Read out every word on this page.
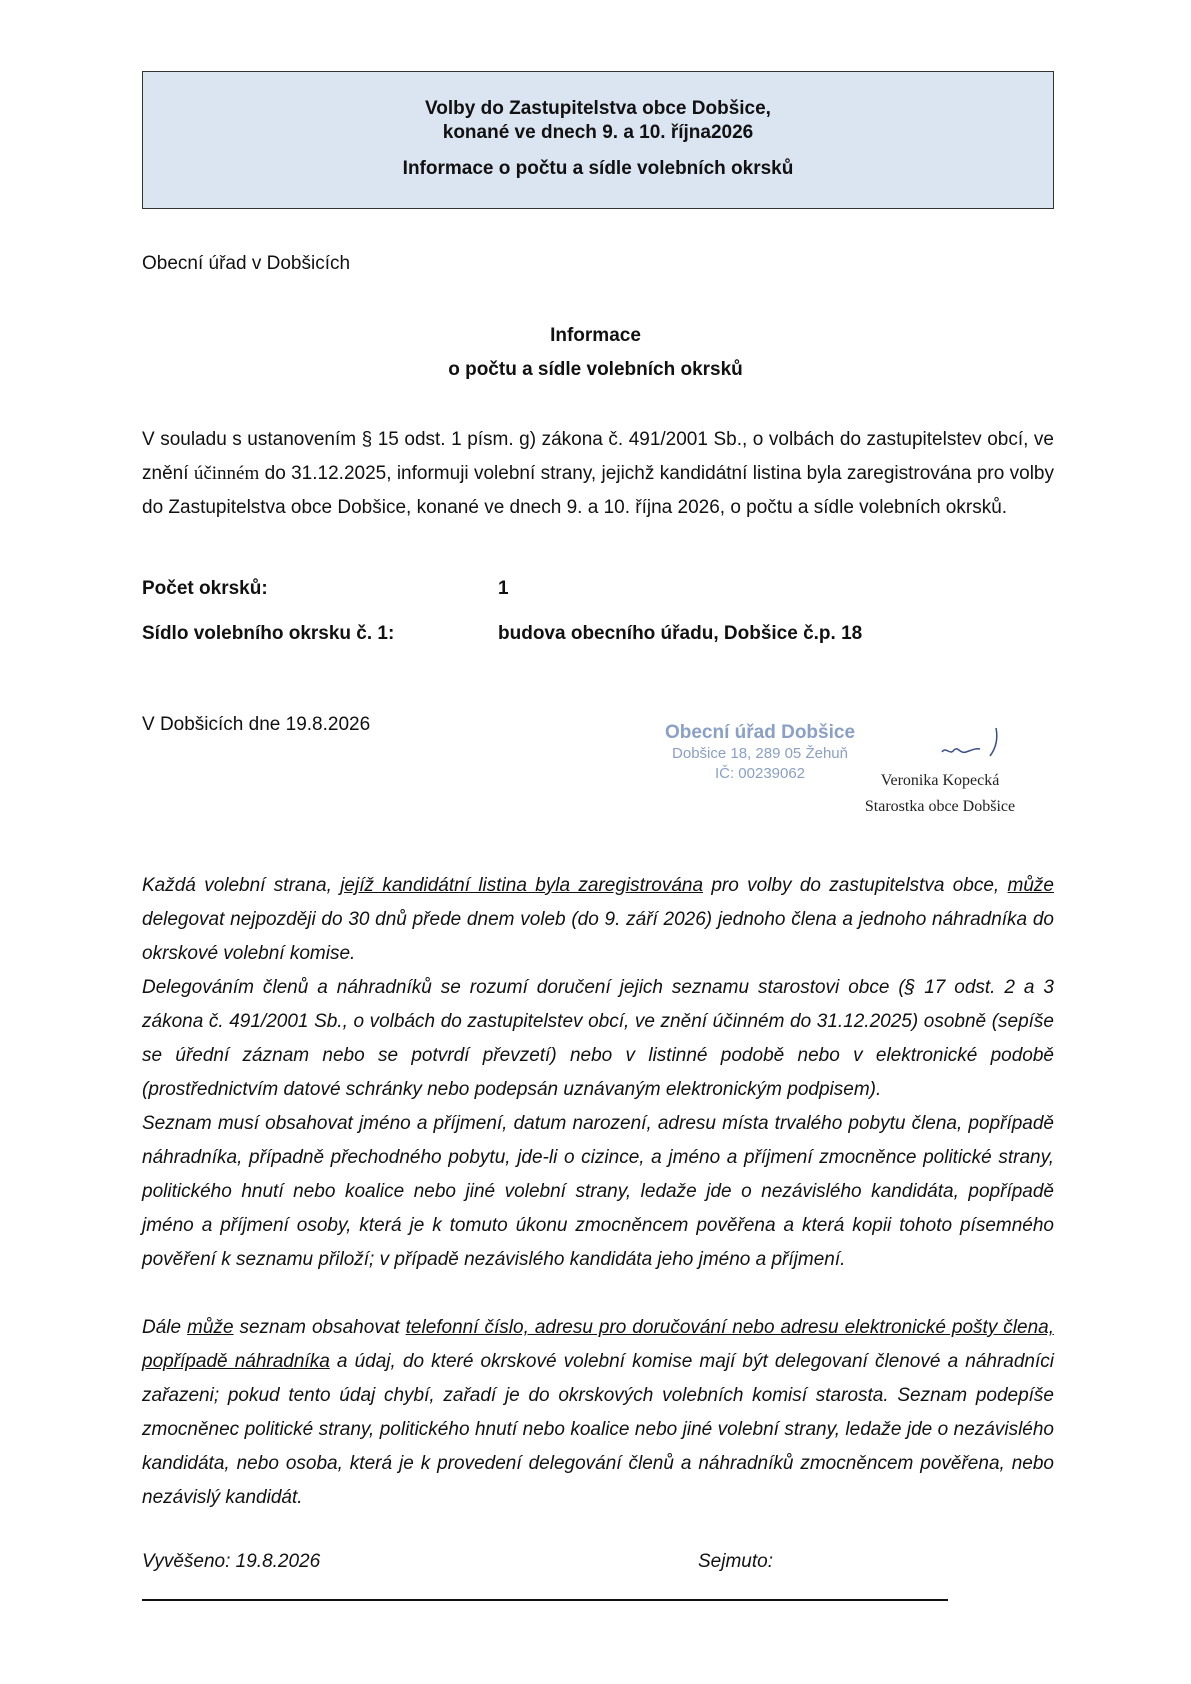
Volby do Zastupitelstva obce Dobšice,
konané ve dnech 9. a 10. října2026
Informace o počtu a sídle volebních okrsků
Obecní úřad v Dobšicích
Informace
o počtu a sídle volebních okrsků
V souladu s ustanovením § 15 odst. 1 písm. g) zákona č. 491/2001 Sb., o volbách do zastupitelstev obcí, ve znění účinném do 31.12.2025, informuji volební strany, jejichž kandidátní listina byla zaregistrována pro volby do Zastupitelstva obce Dobšice, konané ve dnech 9. a 10. října 2026, o počtu a sídle volebních okrsků.
Počet okrsků:	1
Sídlo volebního okrsku č. 1:	budova obecního úřadu, Dobšice č.p. 18
V Dobšicích dne 19.8.2026	Obecní úřad Dobšice
Dobšice 18, 289 05 Žehuň
IČ: 00239062	Veronika Kopecká
Starostka obce Dobšice
Každá volební strana, jejíž kandidátní listina byla zaregistrována pro volby do zastupitelstva obce, může delegovat nejpozději do 30 dnů přede dnem voleb (do 9. září 2026) jednoho člena a jednoho náhradníka do okrskové volební komise.
Delegováním členů a náhradníků se rozumí doručení jejich seznamu starostovi obce (§ 17 odst. 2 a 3 zákona č. 491/2001 Sb., o volbách do zastupitelstev obcí, ve znění účinném do 31.12.2025) osobně (sepíše se úřední záznam nebo se potvrdí převzetí) nebo v listinné podobě nebo v elektronické podobě (prostřednictvím datové schránky nebo podepsán uznávaným elektronickým podpisem).
Seznam musí obsahovat jméno a příjmení, datum narození, adresu místa trvalého pobytu člena, popřípadě náhradníka, případně přechodného pobytu, jde-li o cizince, a jméno a příjmení zmocněnce politické strany, politického hnutí nebo koalice nebo jiné volební strany, ledaže jde o nezávislého kandidáta, popřípadě jméno a příjmení osoby, která je k tomuto úkonu zmocněncem pověřena a která kopii tohoto písemného pověření k seznamu přiloží; v případě nezávislého kandidáta jeho jméno a příjmení.
Dále může seznam obsahovat telefonní číslo, adresu pro doručování nebo adresu elektronické pošty člena, popřípadě náhradníka a údaj, do které okrskové volební komise mají být delegovaní členové a náhradníci zařazeni; pokud tento údaj chybí, zařadí je do okrskových volebních komisí starosta. Seznam podepíše zmocněnec politické strany, politického hnutí nebo koalice nebo jiné volební strany, ledaže jde o nezávislého kandidáta, nebo osoba, která je k provedení delegování členů a náhradníků zmocněncem pověřena, nebo nezávislý kandidát.
Vyvěšeno: 19.8.2026	Sejmuto:
